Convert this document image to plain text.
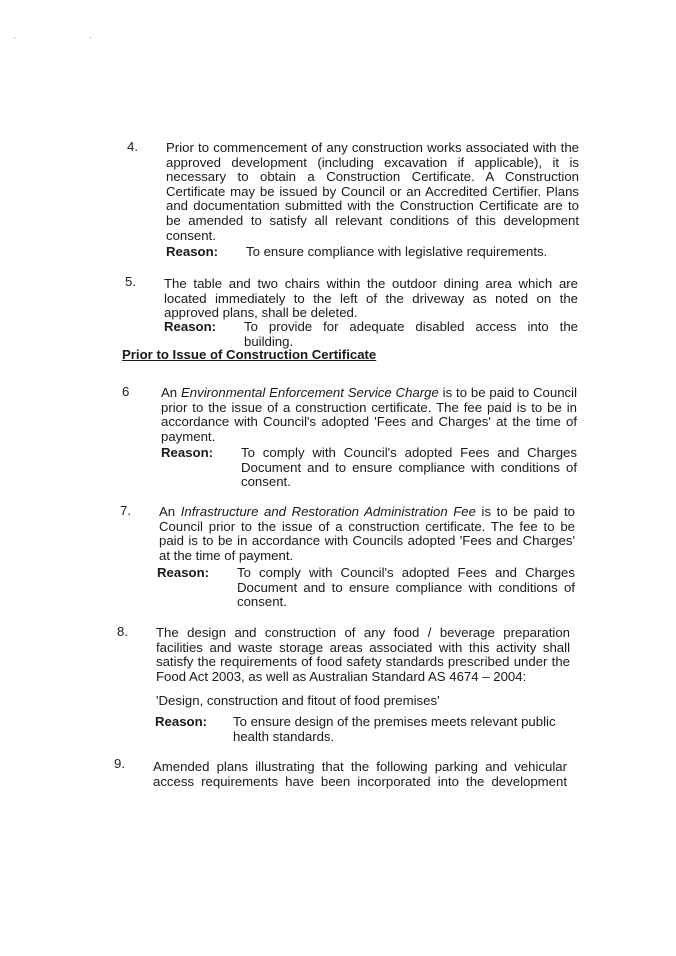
' '
4. Prior to commencement of any construction works associated with the approved development (including excavation if applicable), it is necessary to obtain a Construction Certificate. A Construction Certificate may be issued by Council or an Accredited Certifier. Plans and documentation submitted with the Construction Certificate are to be amended to satisfy all relevant conditions of this development consent.
Reason:	To ensure compliance with legislative requirements.
5. The table and two chairs within the outdoor dining area which are located immediately to the left of the driveway as noted on the approved plans, shall be deleted.
Reason:	To provide for adequate disabled access into the building.
Prior to Issue of Construction Certificate
6 An Environmental Enforcement Service Charge is to be paid to Council prior to the issue of a construction certificate. The fee paid is to be in accordance with Council's adopted 'Fees and Charges' at the time of payment.
Reason:	To comply with Council's adopted Fees and Charges Document and to ensure compliance with conditions of consent.
7. An Infrastructure and Restoration Administration Fee is to be paid to Council prior to the issue of a construction certificate. The fee to be paid is to be in accordance with Councils adopted 'Fees and Charges' at the time of payment.
Reason:	To comply with Council's adopted Fees and Charges Document and to ensure compliance with conditions of consent.
8. The design and construction of any food / beverage preparation facilities and waste storage areas associated with this activity shall satisfy the requirements of food safety standards prescribed under the Food Act 2003, as well as Australian Standard AS 4674 – 2004:
'Design, construction and fitout of food premises'
Reason:	To ensure design of the premises meets relevant public health standards.
9. Amended plans illustrating that the following parking and vehicular access requirements have been incorporated into the development
